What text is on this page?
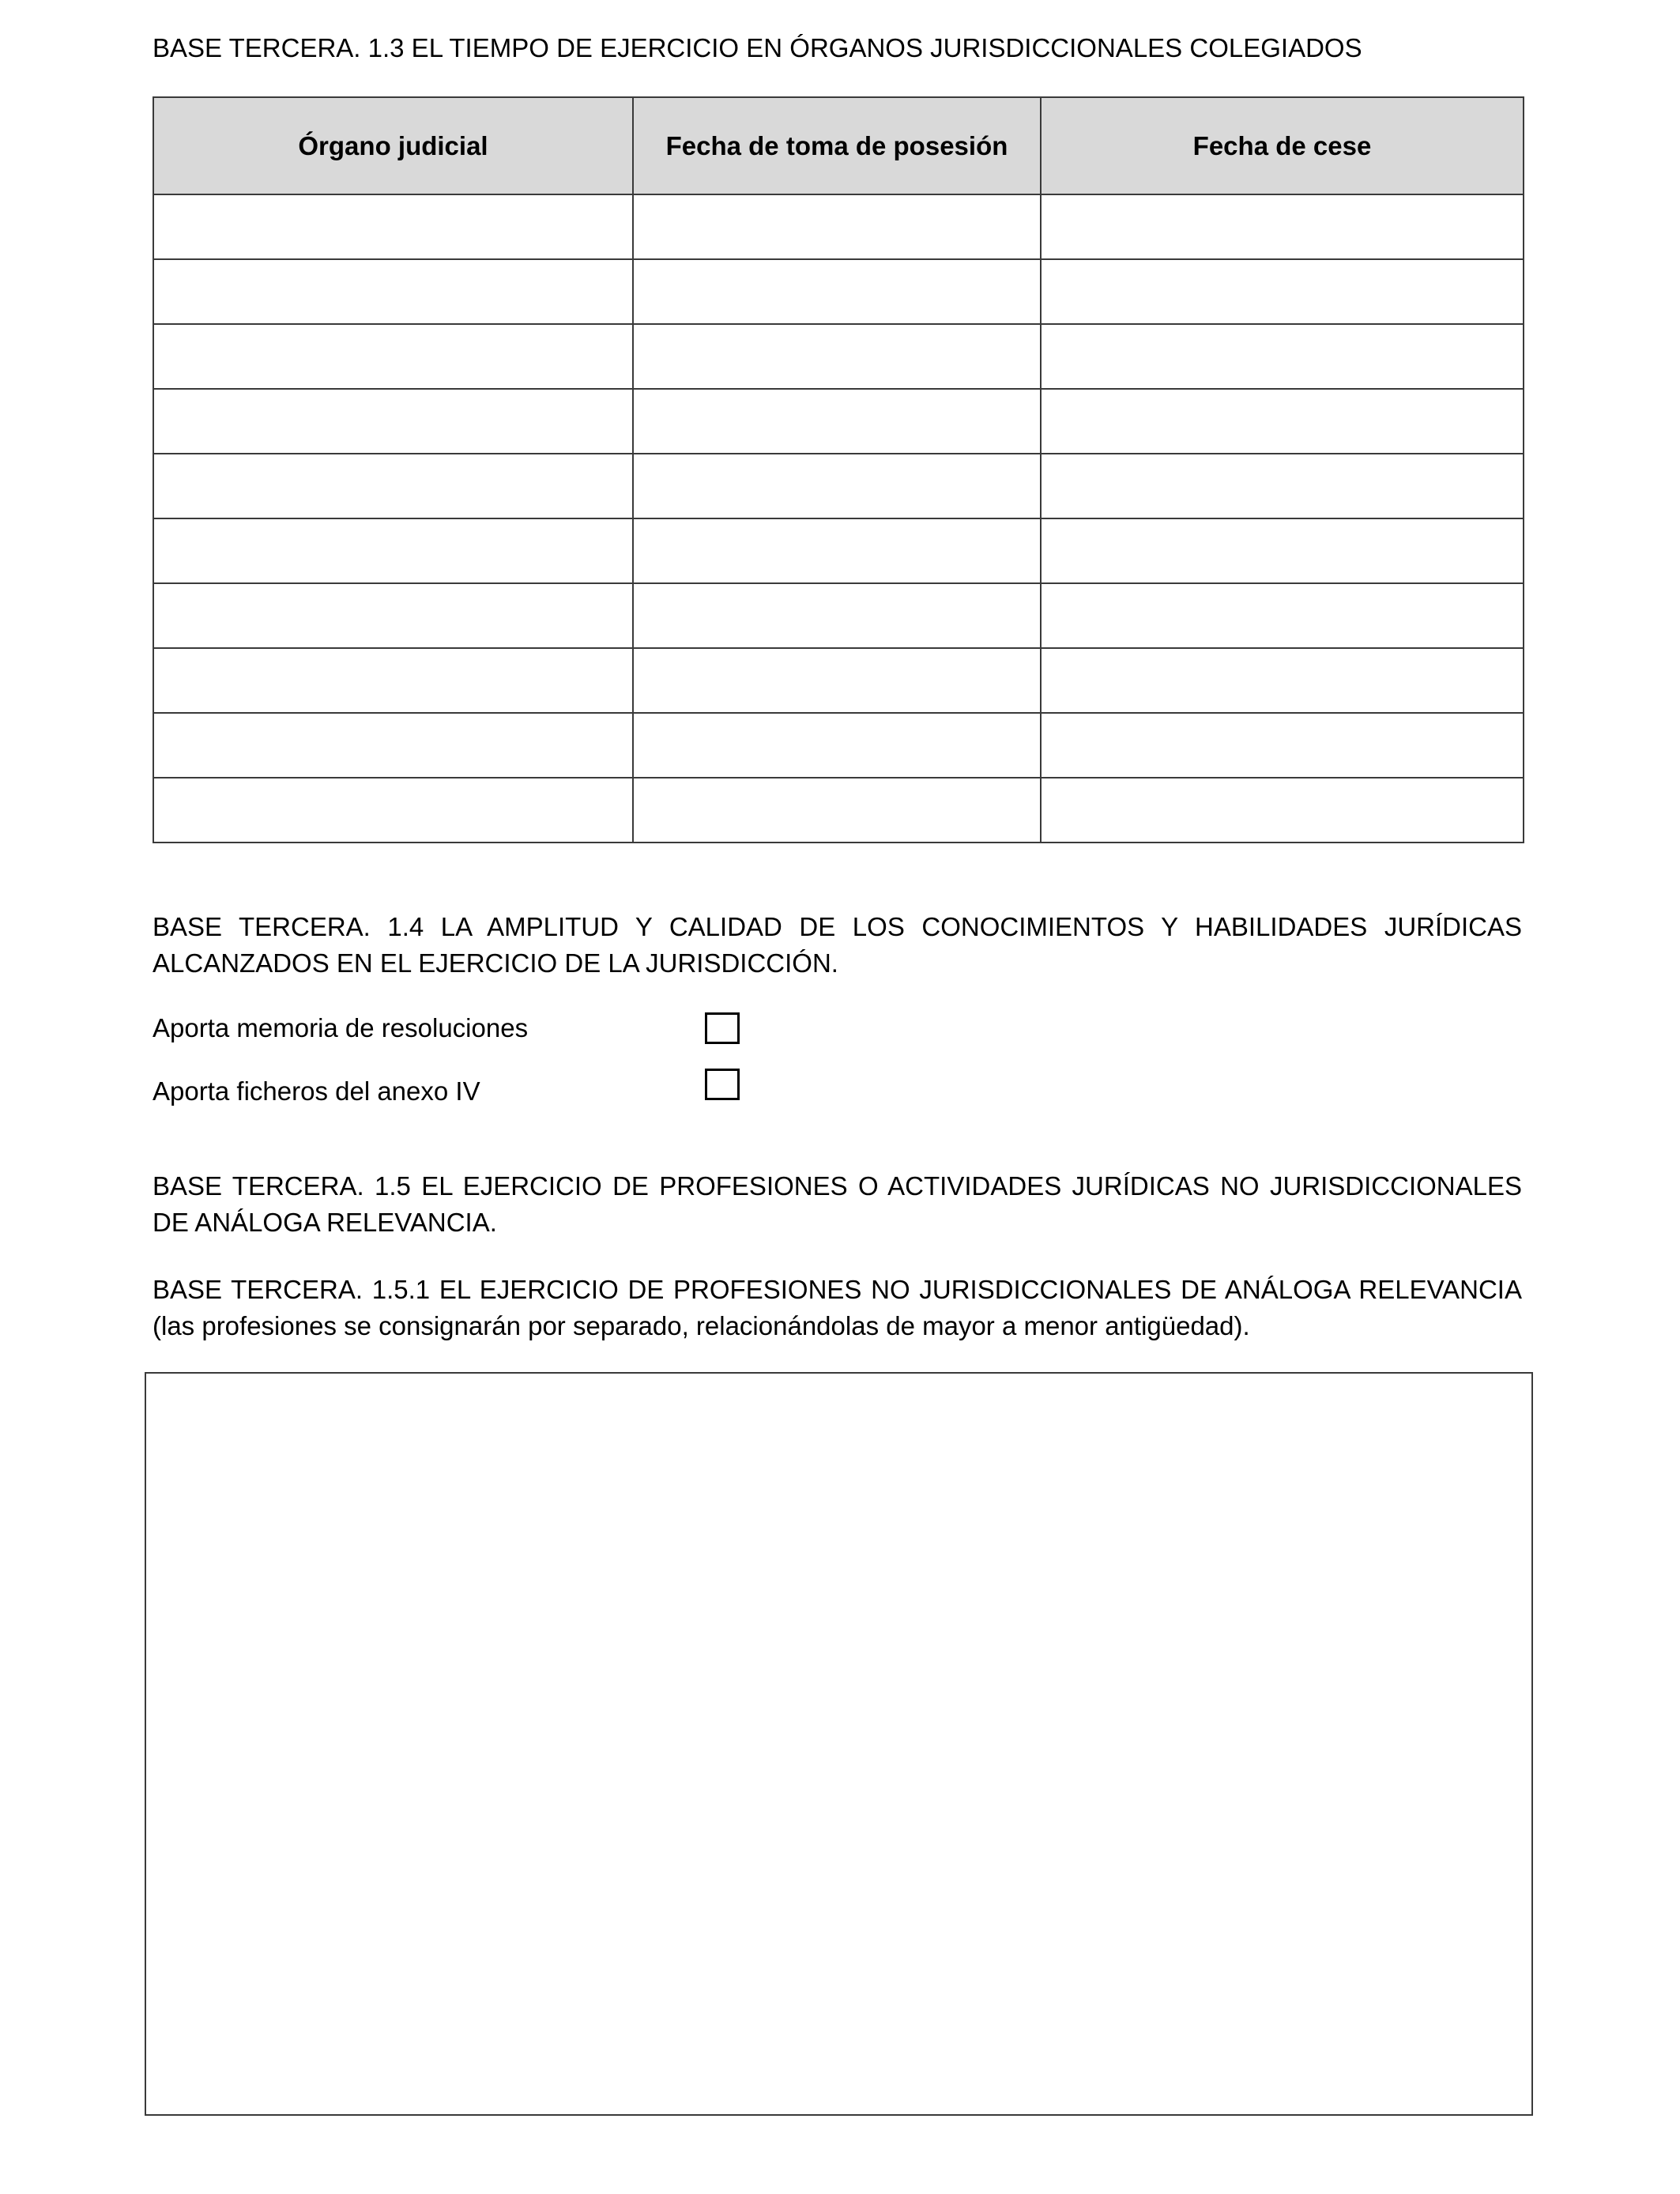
BASE TERCERA. 1.3 EL TIEMPO DE EJERCICIO EN ÓRGANOS JURISDICCIONALES COLEGIADOS

Órgano judicial	Fecha de toma de posesión	Fecha de cese

BASE TERCERA. 1.4 LA AMPLITUD Y CALIDAD DE LOS CONOCIMIENTOS Y HABILIDADES JURÍDICAS ALCANZADOS EN EL EJERCICIO DE LA JURISDICCIÓN.

Aporta memoria de resoluciones
Aporta ficheros del anexo IV

BASE TERCERA. 1.5 EL EJERCICIO DE PROFESIONES O ACTIVIDADES JURÍDICAS NO JURISDICCIONALES DE ANÁLOGA RELEVANCIA.

BASE TERCERA. 1.5.1 EL EJERCICIO DE PROFESIONES NO JURISDICCIONALES DE ANÁLOGA RELEVANCIA (las profesiones se consignarán por separado, relacionándolas de mayor a menor antigüedad).
